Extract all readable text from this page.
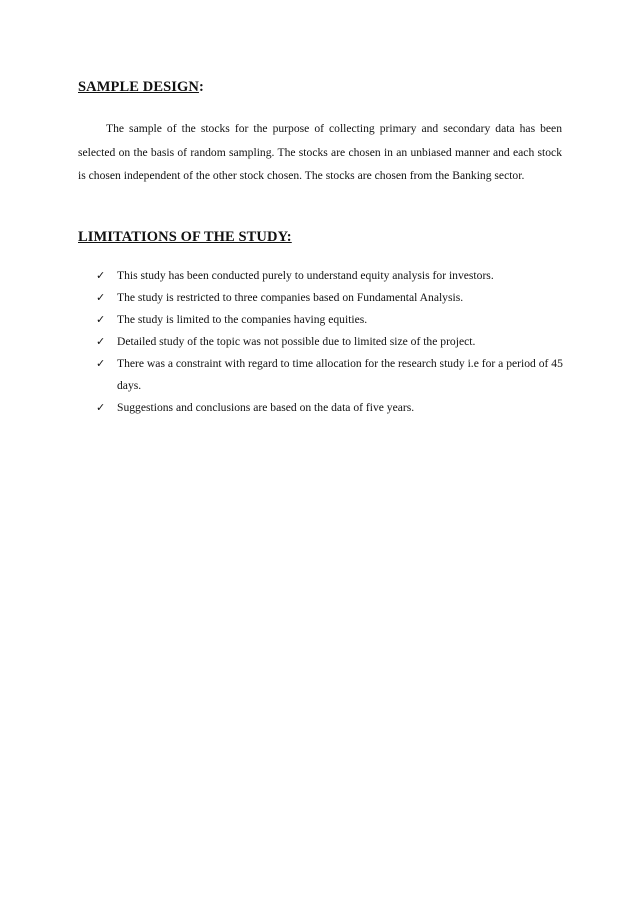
SAMPLE DESIGN:

The sample of the stocks for the purpose of collecting primary and secondary data has been selected on the basis of random sampling. The stocks are chosen in an unbiased manner and each stock is chosen independent of the other stock chosen. The stocks are chosen from the Banking sector.

LIMITATIONS OF THE STUDY:
✓ This study has been conducted purely to understand equity analysis for investors.
✓ The study is restricted to three companies based on Fundamental Analysis.
✓ The study is limited to the companies having equities.
✓ Detailed study of the topic was not possible due to limited size of the project.
✓ There was a constraint with regard to time allocation for the research study i.e for a period of 45 days.
✓ Suggestions and conclusions are based on the data of five years.
